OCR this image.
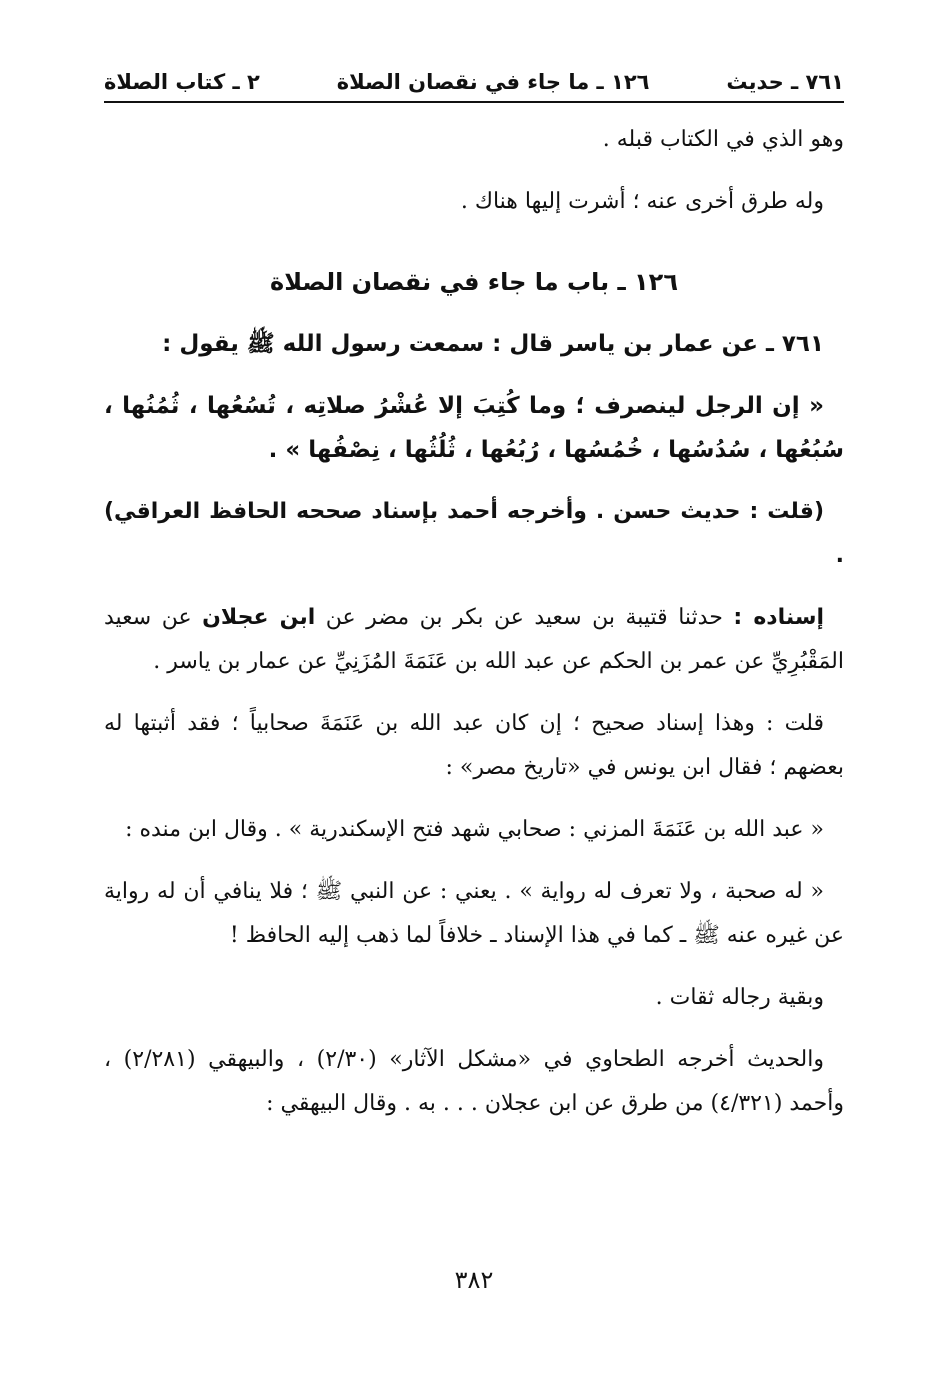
٢ ـ كتاب الصلاة	١٢٦ ـ ما جاء في نقصان الصلاة	٧٦١ ـ حديث

وهو الذي في الكتاب قبله .

وله طرق أخرى عنه ؛ أشرت إليها هناك .

١٢٦ ـ باب ما جاء في نقصان الصلاة

٧٦١ ـ عن عمار بن ياسر قال : سمعت رسول الله ﷺ يقول :

« إن الرجل لينصرف ؛ وما كُتِبَ إلا عُشْرُ صلاتِه ، تُسُعُها ، ثُمُنُها ، سُبُعُها ، سُدُسُها ، خُمُسُها ، رُبُعُها ، ثُلُثُها ، نِصْفُها » .

(قلت : حديث حسن . وأخرجه أحمد بإسناد صححه الحافظ العراقي) .

إسناده : حدثنا قتيبة بن سعيد عن بكر بن مضر عن ابن عجلان عن سعيد المَقْبُرِيِّ عن عمر بن الحكم عن عبد الله بن عَنَمَةَ المُزَنِيِّ عن عمار بن ياسر .

قلت : وهذا إسناد صحيح ؛ إن كان عبد الله بن عَنَمَةَ صحابياً ؛ فقد أثبتها له بعضهم ؛ فقال ابن يونس في «تاريخ مصر» :

« عبد الله بن عَنَمَةَ المزني : صحابي شهد فتح الإسكندرية » . وقال ابن منده :

« له صحبة ، ولا تعرف له رواية » . يعني : عن النبي ﷺ ؛ فلا ينافي أن له رواية عن غيره عنه ﷺ ـ كما في هذا الإسناد ـ خلافاً لما ذهب إليه الحافظ !

وبقية رجاله ثقات .

والحديث أخرجه الطحاوي في «مشكل الآثار» (٢/٣٠) ، والبيهقي (٢/٢٨١) ، وأحمد (٤/٣٢١) من طرق عن ابن عجلان . . . به . وقال البيهقي :

٣٨٢
